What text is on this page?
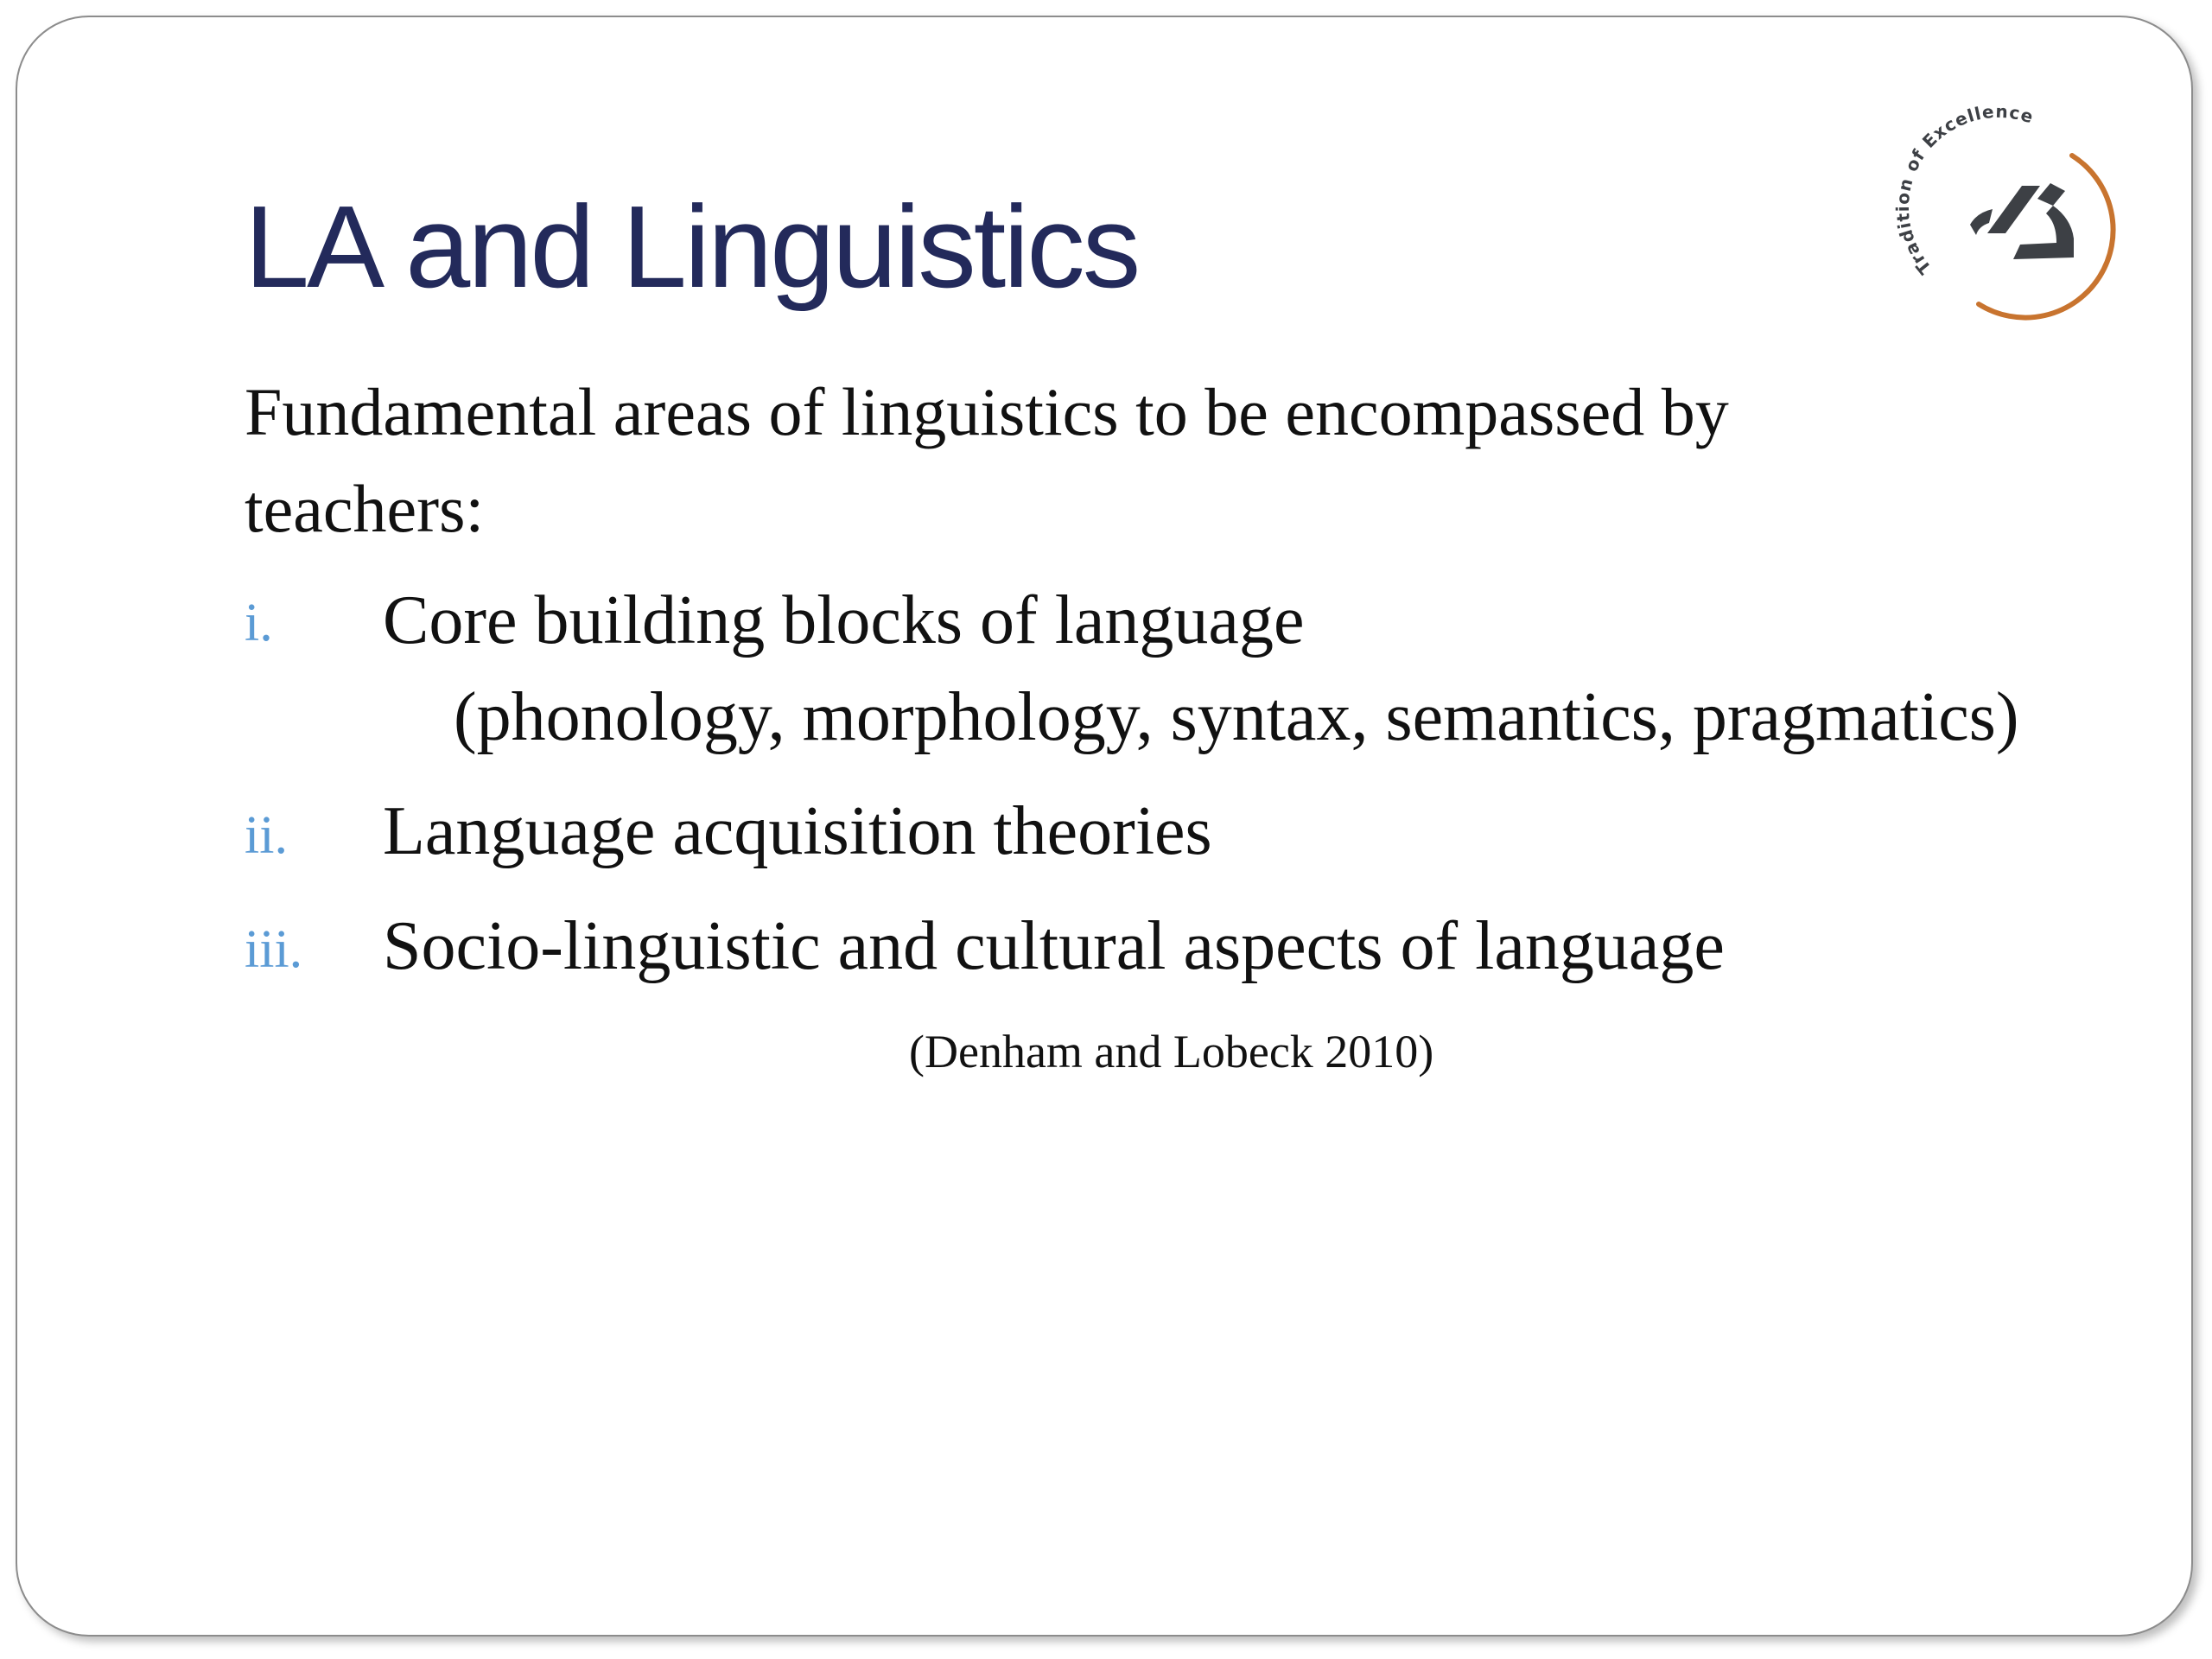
LA and Linguistics	Tradition of Excellence

Fundamental areas of linguistics to be encompassed by

teachers:

i. Core building blocks of language

(phonology, morphology, syntax, semantics, pragmatics)

ii. Language acquisition theories

iii. Socio-linguistic and cultural aspects of language

(Denham and Lobeck 2010)
